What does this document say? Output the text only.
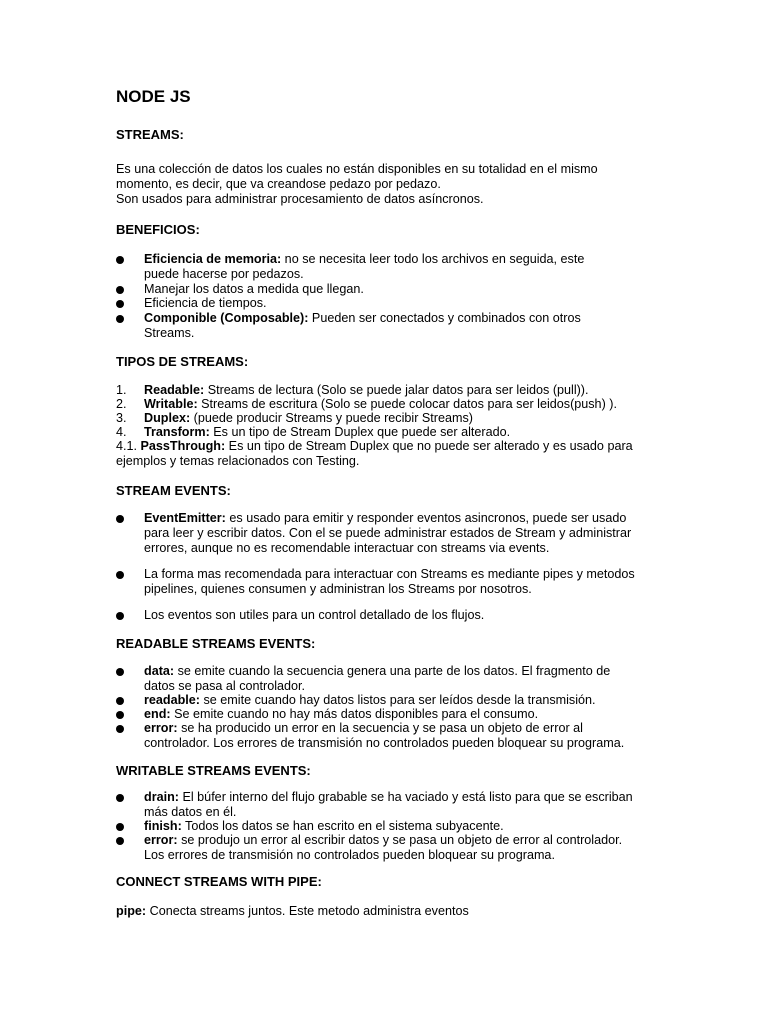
NODE JS
STREAMS:
Es una colección de datos los cuales no están disponibles en su totalidad en el mismo
momento, es decir, que va creandose pedazo por pedazo.
Son usados para administrar procesamiento de datos asíncronos.
BENEFICIOS:
Eficiencia de memoria: no se necesita leer todo los archivos en seguida, este
puede hacerse por pedazos.
Manejar los datos a medida que llegan.
Eficiencia de tiempos.
Componible (Composable): Pueden ser conectados y combinados con otros
Streams.
TIPOS DE STREAMS:
1. Readable: Streams de lectura (Solo se puede jalar datos para ser leidos (pull)).
2. Writable: Streams de escritura (Solo se puede colocar datos para ser leidos(push) ).
3. Duplex: (puede producir Streams y puede recibir Streams)
4. Transform: Es un tipo de Stream Duplex que puede ser alterado.
4.1. PassThrough: Es un tipo de Stream Duplex que no puede ser alterado y es usado para
ejemplos y temas relacionados con Testing.
STREAM EVENTS:
EventEmitter: es usado para emitir y responder eventos asincronos, puede ser usado
para leer y escribir datos. Con el se puede administrar estados de Stream y administrar
errores, aunque no es recomendable interactuar con streams via events.
La forma mas recomendada para interactuar con Streams es mediante pipes y metodos
pipelines, quienes consumen y administran los Streams por nosotros.
Los eventos son utiles para un control detallado de los flujos.
READABLE STREAMS EVENTS:
data: se emite cuando la secuencia genera una parte de los datos. El fragmento de
datos se pasa al controlador.
readable: se emite cuando hay datos listos para ser leídos desde la transmisión.
end: Se emite cuando no hay más datos disponibles para el consumo.
error: se ha producido un error en la secuencia y se pasa un objeto de error al
controlador. Los errores de transmisión no controlados pueden bloquear su programa.
WRITABLE STREAMS EVENTS:
drain: El búfer interno del flujo grabable se ha vaciado y está listo para que se escriban
más datos en él.
finish: Todos los datos se han escrito en el sistema subyacente.
error: se produjo un error al escribir datos y se pasa un objeto de error al controlador.
Los errores de transmisión no controlados pueden bloquear su programa.
CONNECT STREAMS WITH PIPE:
pipe: Conecta streams juntos. Este metodo administra eventos
